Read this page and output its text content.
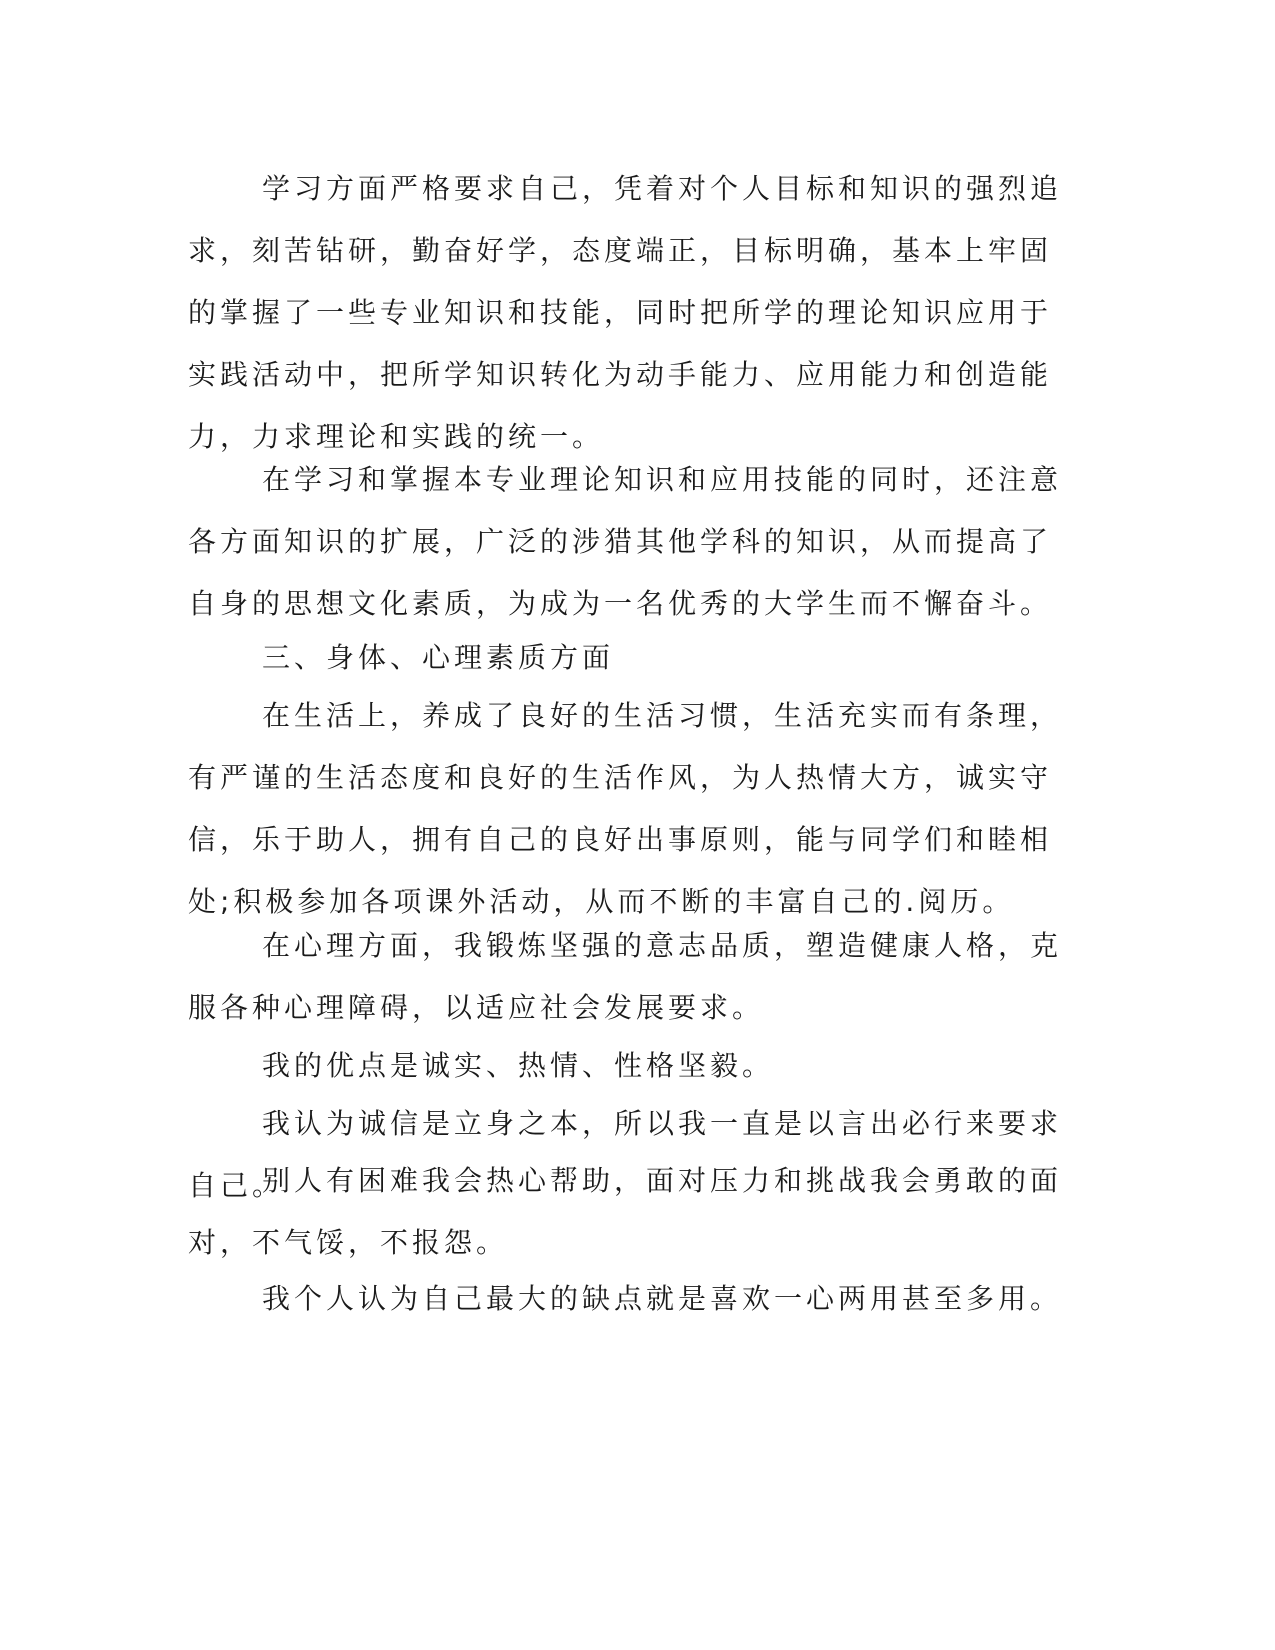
学习方面严格要求自己，凭着对个人目标和知识的强烈追求，刻苦钻研，勤奋好学，态度端正，目标明确，基本上牢固的掌握了一些专业知识和技能，同时把所学的理论知识应用于实践活动中，把所学知识转化为动手能力、应用能力和创造能力，力求理论和实践的统一。

在学习和掌握本专业理论知识和应用技能的同时，还注意各方面知识的扩展，广泛的涉猎其他学科的知识，从而提高了自身的思想文化素质，为成为一名优秀的大学生而不懈奋斗。

三、身体、心理素质方面

在生活上，养成了良好的生活习惯，生活充实而有条理，有严谨的生活态度和良好的生活作风，为人热情大方，诚实守信，乐于助人，拥有自己的良好出事原则，能与同学们和睦相处;积极参加各项课外活动，从而不断的丰富自己的.阅历。

在心理方面，我锻炼坚强的意志品质，塑造健康人格，克服各种心理障碍，以适应社会发展要求。

我的优点是诚实、热情、性格坚毅。

我认为诚信是立身之本，所以我一直是以言出必行来要求自己。

别人有困难我会热心帮助，面对压力和挑战我会勇敢的面对，不气馁，不报怨。

我个人认为自己最大的缺点就是喜欢一心两用甚至多用。
